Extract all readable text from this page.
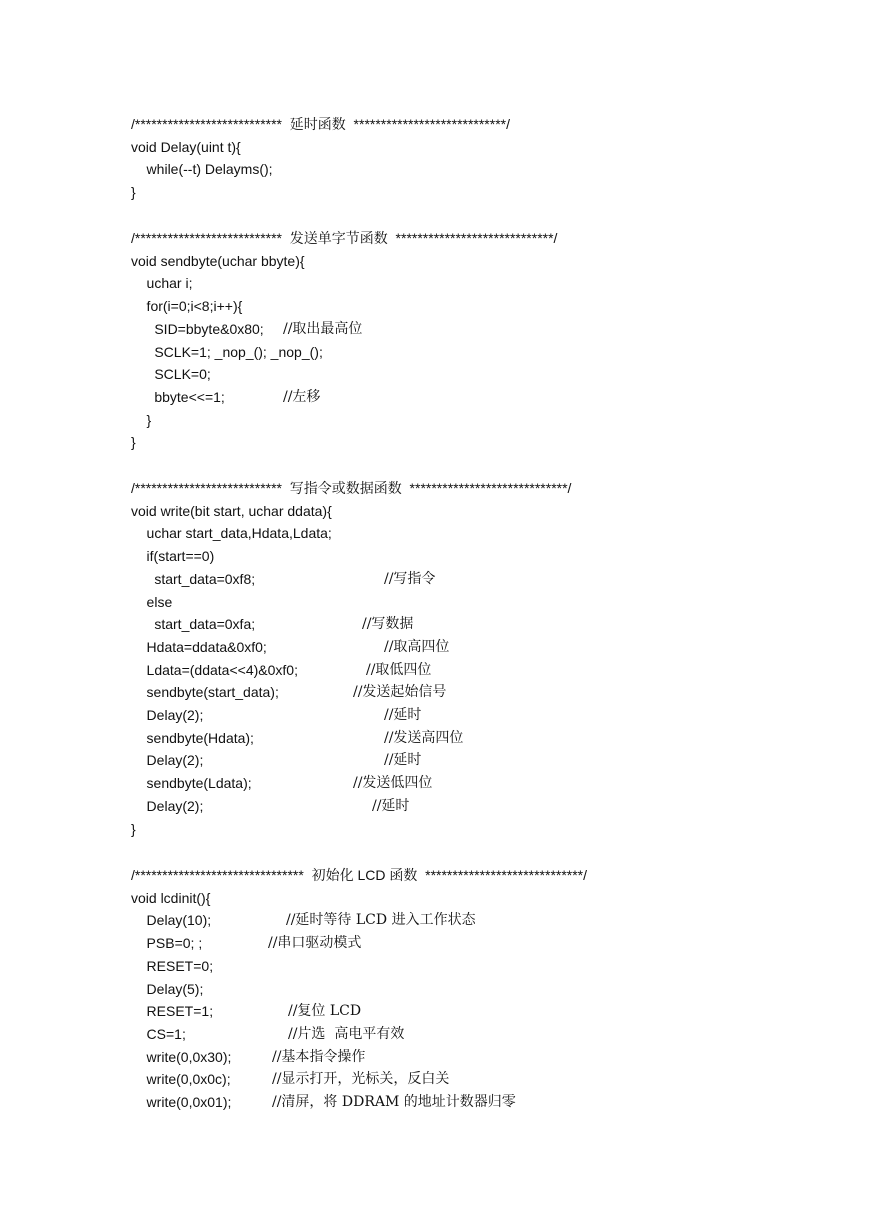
/***************************  延时函数  ****************************/
void Delay(uint t){
while(--t) Delayms();
}
/***************************  发送单字节函数  *****************************/
void sendbyte(uchar bbyte){
uchar i;
for(i=0;i<8;i++){
SID=bbyte&0x80; //取出最高位
SCLK=1; _nop_(); _nop_();
SCLK=0;
bbyte<<=1;	//左移
}
}
/***************************  写指令或数据函数  *****************************/
void write(bit start, uchar ddata){
uchar start_data,Hdata,Ldata;
if(start==0)
start_data=0xf8;	//写指令
else
start_data=0xfa;	//写数据
Hdata=ddata&0xf0;	//取高四位
Ldata=(ddata<<4)&0xf0;	//取低四位
sendbyte(start_data);	//发送起始信号
Delay(2);	//延时
sendbyte(Hdata);	//发送高四位
Delay(2);	//延时
sendbyte(Ldata);	//发送低四位
Delay(2);	//延时
}
/*******************************  初始化 LCD 函数  *****************************/
void lcdinit(){
Delay(10);	//延时等待 LCD 进入工作状态
PSB=0; ;	//串口驱动模式
RESET=0;
Delay(5);
RESET=1;	//复位 LCD
CS=1;	//片选  高电平有效
write(0,0x30);	//基本指令操作
write(0,0x0c);	//显示打开，光标关，反白关
write(0,0x01);	//清屏，将 DDRAM 的地址计数器归零
